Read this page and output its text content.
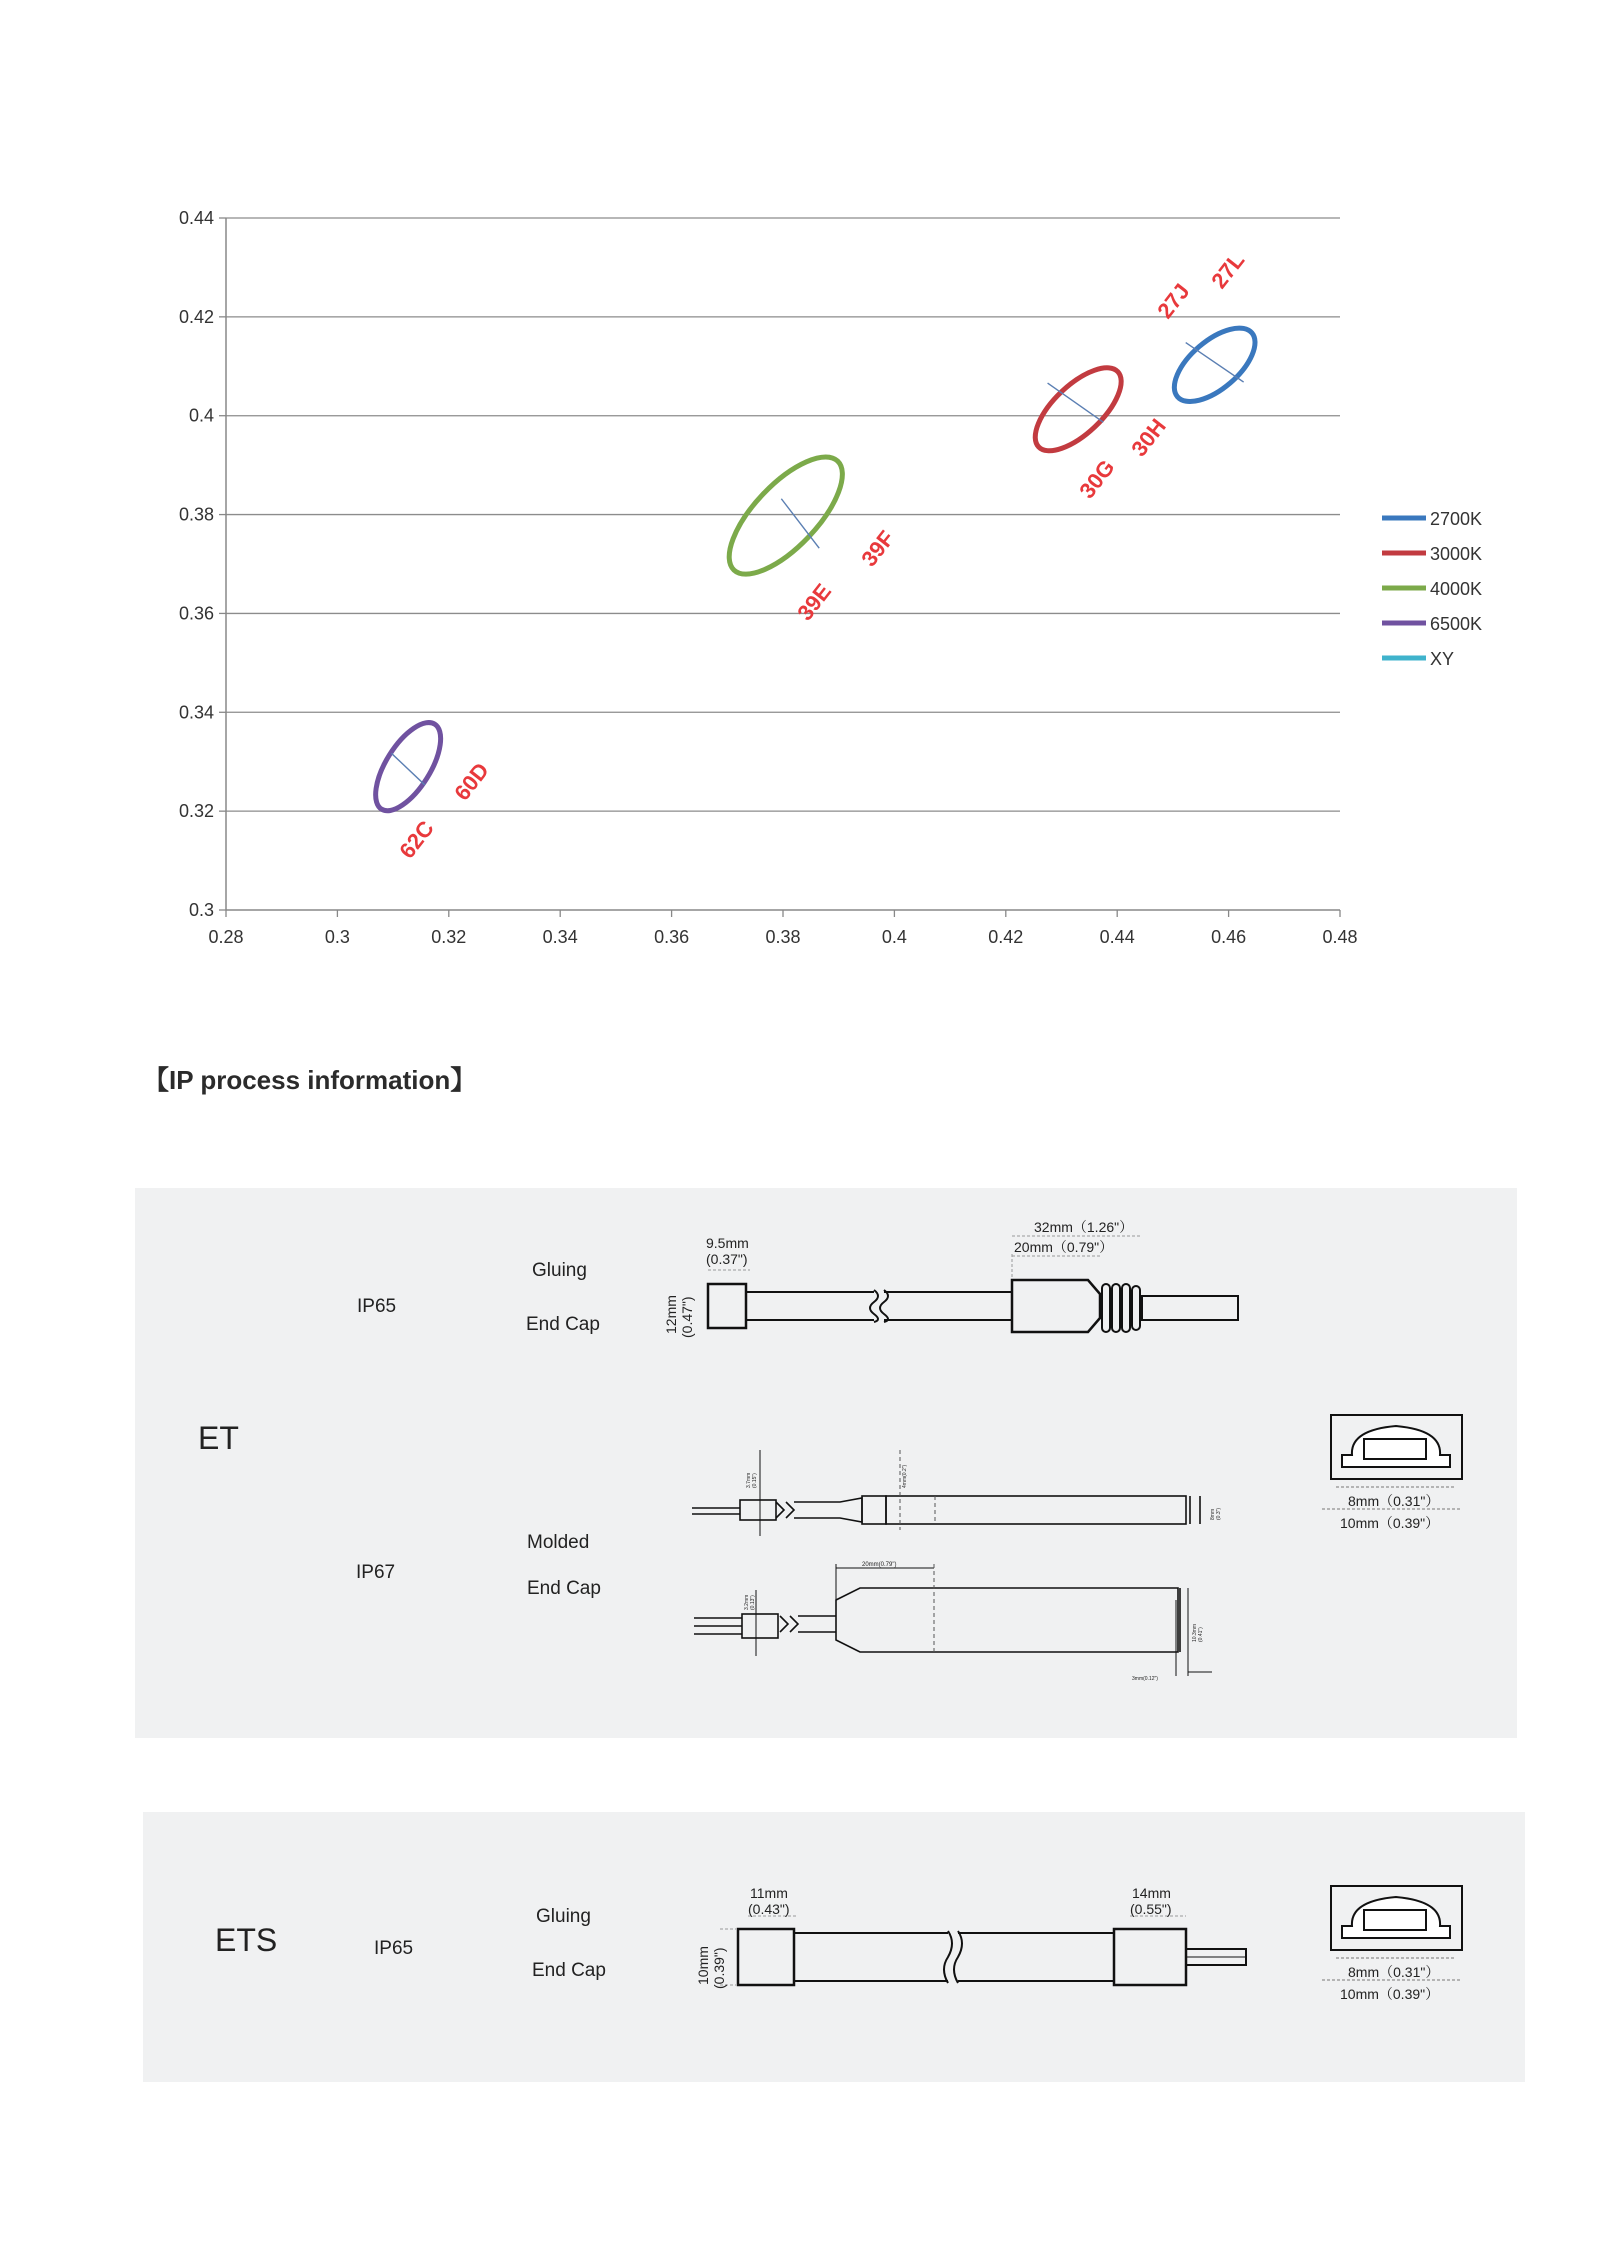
0.3
0.32
0.34
0.36
0.38
0.4
0.42
0.44
0.28	0.3	0.32	0.34	0.36	0.38	0.4	0.42	0.44	0.46	0.48
27J
27L
30G
30H
39E
39F
62C
60D
2700K
3000K
4000K
6500K
XY
【IP process information】
ET
IP65
Gluing
End Cap
IP67
Molded
End Cap
9.5mm
(0.37")
12mm (0.47")
32mm（1.26"）
20mm（0.79"）
3.7mm (0.15")	4mm(0.2")
8mm (0.3")
20mm(0.79")
3.2mm (0.13")
10.3mm (0.41")
3mm(0.12")
8mm（0.31"）
10mm（0.39"）
ETS	IP65
Gluing
End Cap
11mm
(0.43")
14mm
(0.55")
10mm (0.39")	8mm（0.31"）
10mm（0.39"）
